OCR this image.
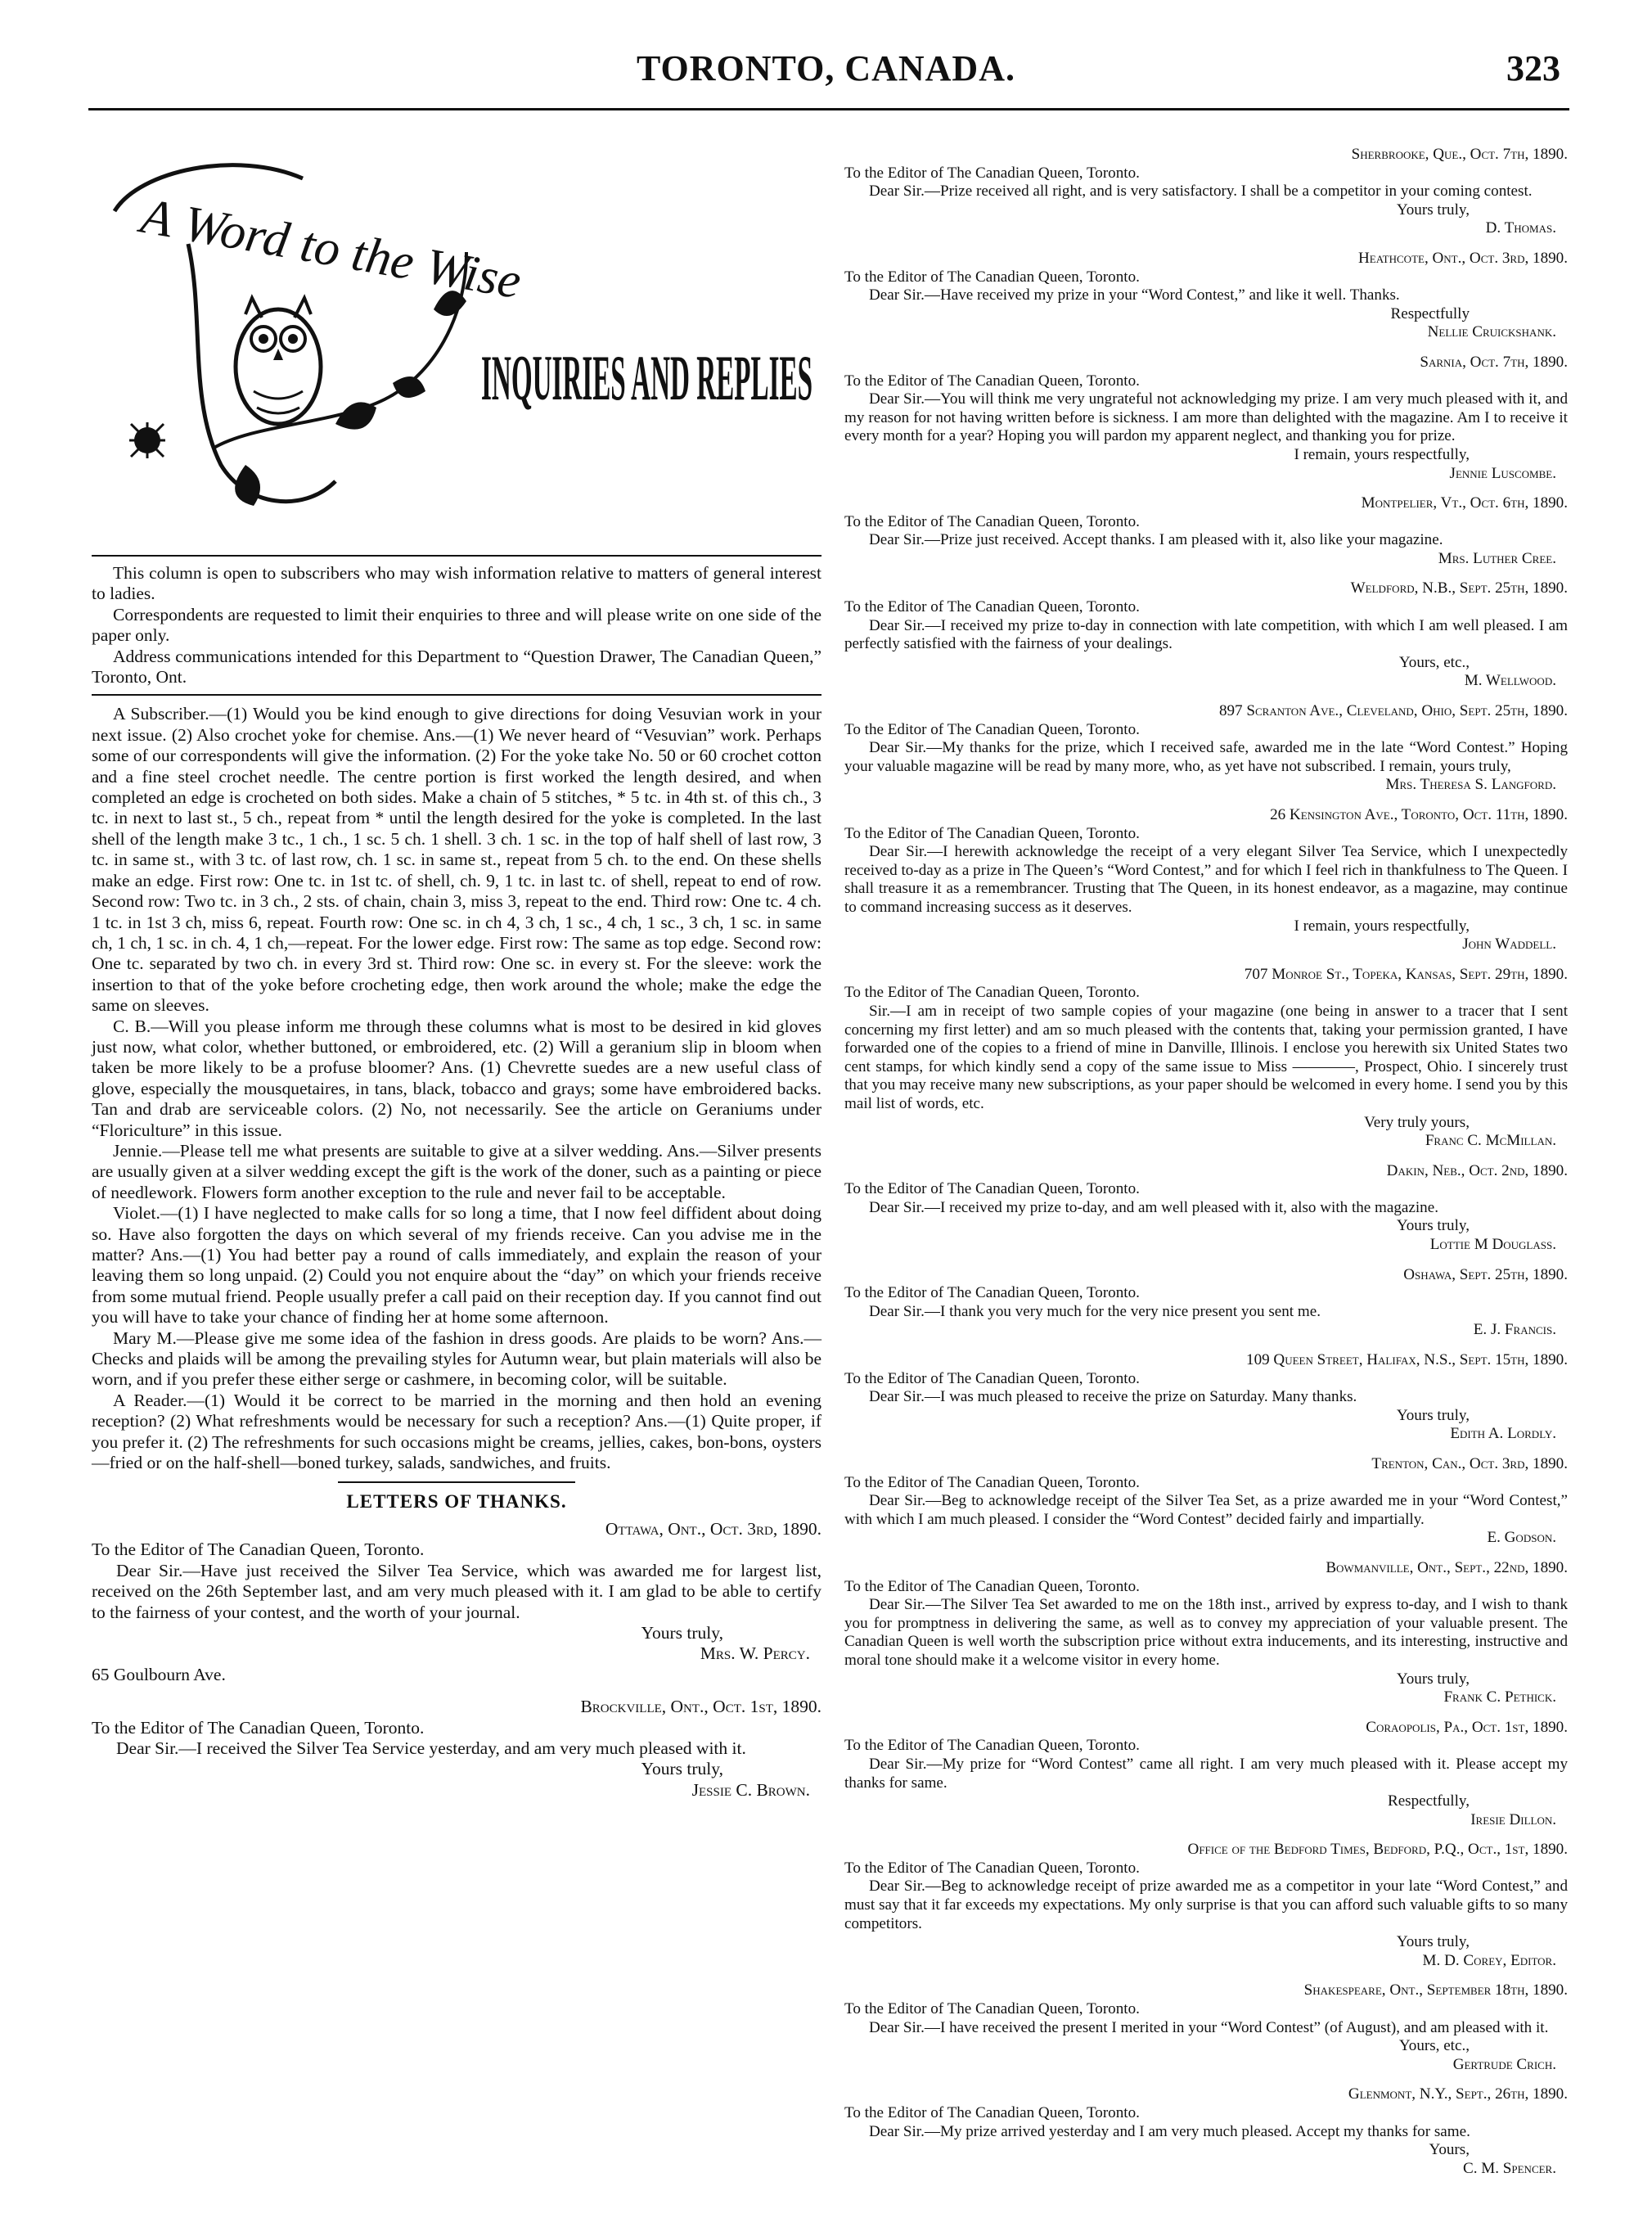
TORONTO, CANADA.	323
A Word to the Wise
INQUIRIES AND REPLIES

This column is open to subscribers who may wish information relative to matters of general interest to ladies.

Correspondents are requested to limit their enquiries to three and will please write on one side of the paper only.

Address communications intended for this Department to “Question Drawer, The Canadian Queen,” Toronto, Ont.

A Subscriber.—(1) Would you be kind enough to give directions for doing Vesuvian work in your next issue. (2) Also crochet yoke for chemise. Ans.—(1) We never heard of “Vesuvian” work. Perhaps some of our correspondents will give the information. (2) For the yoke take No. 50 or 60 crochet cotton and a fine steel crochet needle. The centre portion is first worked the length desired, and when completed an edge is crocheted on both sides. Make a chain of 5 stitches, * 5 tc. in 4th st. of this ch., 3 tc. in next to last st., 5 ch., repeat from * until the length desired for the yoke is completed. In the last shell of the length make 3 tc., 1 ch., 1 sc. 5 ch. 1 shell. 3 ch. 1 sc. in the top of half shell of last row, 3 tc. in same st., with 3 tc. of last row, ch. 1 sc. in same st., repeat from 5 ch. to the end. On these shells make an edge. First row: One tc. in 1st tc. of shell, ch. 9, 1 tc. in last tc. of shell, repeat to end of row. Second row: Two tc. in 3 ch., 2 sts. of chain, chain 3, miss 3, repeat to the end. Third row: One tc. 4 ch. 1 tc. in 1st 3 ch, miss 6, repeat. Fourth row: One sc. in ch 4, 3 ch, 1 sc., 4 ch, 1 sc., 3 ch, 1 sc. in same ch, 1 ch, 1 sc. in ch. 4, 1 ch,—repeat. For the lower edge. First row: The same as top edge. Second row: One tc. separated by two ch. in every 3rd st. Third row: One sc. in every st. For the sleeve: work the insertion to that of the yoke before crocheting edge, then work around the whole; make the edge the same on sleeves.

C. B.—Will you please inform me through these columns what is most to be desired in kid gloves just now, what color, whether buttoned, or embroidered, etc. (2) Will a geranium slip in bloom when taken be more likely to be a profuse bloomer? Ans. (1) Chevrette suedes are a new useful class of glove, especially the mousquetaires, in tans, black, tobacco and grays; some have embroidered backs. Tan and drab are serviceable colors. (2) No, not necessarily. See the article on Geraniums under “Floriculture” in this issue.

Jennie.—Please tell me what presents are suitable to give at a silver wedding. Ans.—Silver presents are usually given at a silver wedding except the gift is the work of the doner, such as a painting or piece of needlework. Flowers form another exception to the rule and never fail to be acceptable.

Violet.—(1) I have neglected to make calls for so long a time, that I now feel diffident about doing so. Have also forgotten the days on which several of my friends receive. Can you advise me in the matter? Ans.—(1) You had better pay a round of calls immediately, and explain the reason of your leaving them so long unpaid. (2) Could you not enquire about the “day” on which your friends receive from some mutual friend. People usually prefer a call paid on their reception day. If you cannot find out you will have to take your chance of finding her at home some afternoon.

Mary M.—Please give me some idea of the fashion in dress goods. Are plaids to be worn? Ans.—Checks and plaids will be among the prevailing styles for Autumn wear, but plain materials will also be worn, and if you prefer these either serge or cashmere, in becoming color, will be suitable.

A Reader.—(1) Would it be correct to be married in the morning and then hold an evening reception? (2) What refreshments would be necessary for such a reception? Ans.—(1) Quite proper, if you prefer it. (2) The refreshments for such occasions might be creams, jellies, cakes, bon-bons, oysters—fried or on the half-shell—boned turkey, salads, sandwiches, and fruits.

LETTERS OF THANKS.
Ottawa, Ont., Oct. 3rd, 1890.
To the Editor of The Canadian Queen, Toronto.
Dear Sir.—Have just received the Silver Tea Service, which was awarded me for largest list, received on the 26th September last, and am very much pleased with it. I am glad to be able to certify to the fairness of your contest, and the worth of your journal.
Yours truly,
Mrs. W. Percy.
65 Goulbourn Ave.
Brockville, Ont., Oct. 1st, 1890.
To the Editor of The Canadian Queen, Toronto.
Dear Sir.—I received the Silver Tea Service yesterday, and am very much pleased with it.
Yours truly,
Jessie C. Brown.
Sherbrooke, Que., Oct. 7th, 1890.
To the Editor of The Canadian Queen, Toronto.
Dear Sir.—Prize received all right, and is very satisfactory. I shall be a competitor in your coming contest.
Yours truly,
D. Thomas.
Heathcote, Ont., Oct. 3rd, 1890.
To the Editor of The Canadian Queen, Toronto.
Dear Sir.—Have received my prize in your “Word Contest,” and like it well. Thanks.
Respectfully
Nellie Cruickshank.
Sarnia, Oct. 7th, 1890.
To the Editor of The Canadian Queen, Toronto.
Dear Sir.—You will think me very ungrateful not acknowledging my prize. I am very much pleased with it, and my reason for not having written before is sickness. I am more than delighted with the magazine. Am I to receive it every month for a year? Hoping you will pardon my apparent neglect, and thanking you for prize.
I remain, yours respectfully,
Jennie Luscombe.
Montpelier, Vt., Oct. 6th, 1890.
To the Editor of The Canadian Queen, Toronto.
Dear Sir.—Prize just received. Accept thanks. I am pleased with it, also like your magazine.
Mrs. Luther Cree.
Weldford, N.B., Sept. 25th, 1890.
To the Editor of The Canadian Queen, Toronto.
Dear Sir.—I received my prize to-day in connection with late competition, with which I am well pleased. I am perfectly satisfied with the fairness of your dealings.
Yours, etc.,
M. Wellwood.
897 Scranton Ave., Cleveland, Ohio, Sept. 25th, 1890.
To the Editor of The Canadian Queen, Toronto.
Dear Sir.—My thanks for the prize, which I received safe, awarded me in the late “Word Contest.” Hoping your valuable magazine will be read by many more, who, as yet have not subscribed. I remain, yours truly,
Mrs. Theresa S. Langford.
26 Kensington Ave., Toronto, Oct. 11th, 1890.
To the Editor of The Canadian Queen, Toronto.
Dear Sir.—I herewith acknowledge the receipt of a very elegant Silver Tea Service, which I unexpectedly received to-day as a prize in The Queen’s “Word Contest,” and for which I feel rich in thankfulness to The Queen. I shall treasure it as a remembrancer. Trusting that The Queen, in its honest endeavor, as a magazine, may continue to command increasing success as it deserves.
I remain, yours respectfully,
John Waddell.
707 Monroe St., Topeka, Kansas, Sept. 29th, 1890.
To the Editor of The Canadian Queen, Toronto.
Sir.—I am in receipt of two sample copies of your magazine (one being in answer to a tracer that I sent concerning my first letter) and am so much pleased with the contents that, taking your permission granted, I have forwarded one of the copies to a friend of mine in Danville, Illinois. I enclose you herewith six United States two cent stamps, for which kindly send a copy of the same issue to Miss ————, Prospect, Ohio. I sincerely trust that you may receive many new subscriptions, as your paper should be welcomed in every home. I send you by this mail list of words, etc.
Very truly yours,
Franc C. McMillan.
Dakin, Neb., Oct. 2nd, 1890.
To the Editor of The Canadian Queen, Toronto.
Dear Sir.—I received my prize to-day, and am well pleased with it, also with the magazine.
Yours truly,
Lottie M Douglass.
Oshawa, Sept. 25th, 1890.
To the Editor of The Canadian Queen, Toronto.
Dear Sir.—I thank you very much for the very nice present you sent me.
E. J. Francis.
109 Queen Street, Halifax, N.S., Sept. 15th, 1890.
To the Editor of The Canadian Queen, Toronto.
Dear Sir.—I was much pleased to receive the prize on Saturday. Many thanks.
Yours truly,
Edith A. Lordly.
Trenton, Can., Oct. 3rd, 1890.
To the Editor of The Canadian Queen, Toronto.
Dear Sir.—Beg to acknowledge receipt of the Silver Tea Set, as a prize awarded me in your “Word Contest,” with which I am much pleased. I consider the “Word Contest” decided fairly and impartially.
E. Godson.
Bowmanville, Ont., Sept., 22nd, 1890.
To the Editor of The Canadian Queen, Toronto.
Dear Sir.—The Silver Tea Set awarded to me on the 18th inst., arrived by express to-day, and I wish to thank you for promptness in delivering the same, as well as to convey my appreciation of your valuable present. The Canadian Queen is well worth the subscription price without extra inducements, and its interesting, instructive and moral tone should make it a welcome visitor in every home.
Yours truly,
Frank C. Pethick.
Coraopolis, Pa., Oct. 1st, 1890.
To the Editor of The Canadian Queen, Toronto.
Dear Sir.—My prize for “Word Contest” came all right. I am very much pleased with it. Please accept my thanks for same.
Respectfully,
Iresie Dillon.
Office of the Bedford Times, Bedford, P.Q., Oct., 1st, 1890.
To the Editor of The Canadian Queen, Toronto.
Dear Sir.—Beg to acknowledge receipt of prize awarded me as a competitor in your late “Word Contest,” and must say that it far exceeds my expectations. My only surprise is that you can afford such valuable gifts to so many competitors.
Yours truly,
M. D. Corey, Editor.
Shakespeare, Ont., September 18th, 1890.
To the Editor of The Canadian Queen, Toronto.
Dear Sir.—I have received the present I merited in your “Word Contest” (of August), and am pleased with it.
Yours, etc.,
Gertrude Crich.
Glenmont, N.Y., Sept., 26th, 1890.
To the Editor of The Canadian Queen, Toronto.
Dear Sir.—My prize arrived yesterday and I am very much pleased. Accept my thanks for same.
Yours,
C. M. Spencer.
